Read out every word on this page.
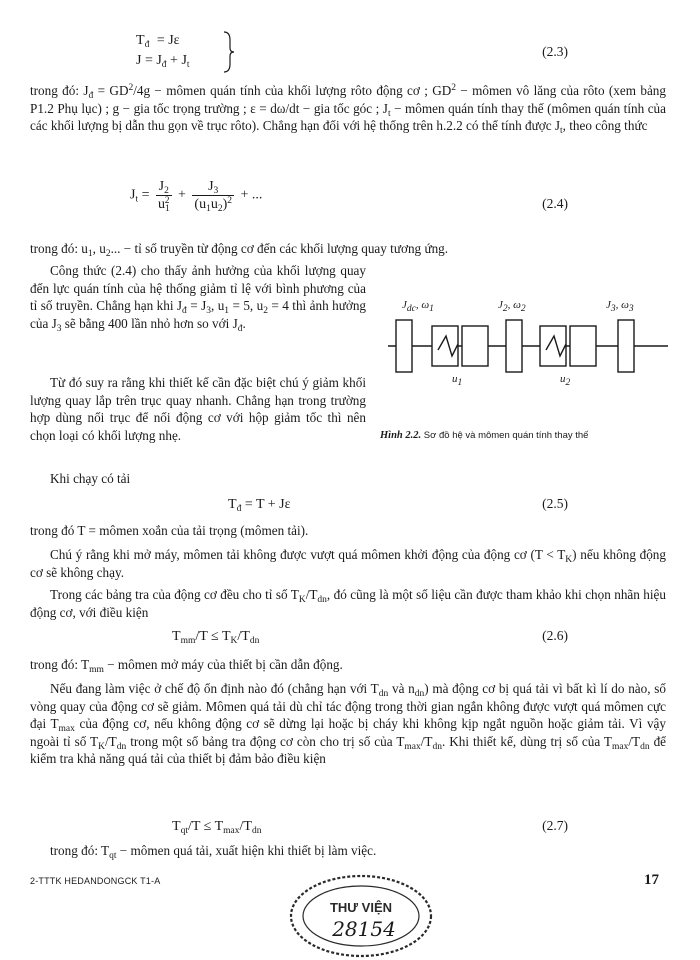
$T_đ = J\varepsilon$
$J = J_đ + J_t$
(2.3)

trong đó: $J_đ = GD^2/4g$ − mômen quán tính của khối lượng rôto động cơ ; $GD^2$ − mômen vô lăng của rôto (xem bảng P1.2 Phụ lục) ; g − gia tốc trọng trường ; ε = dω/dt − gia tốc góc ; $J_t$ − mômen quán tính thay thế (mômen quán tính của các khối lượng bị dẫn thu gọn về trục rôto). Chẳng hạn đối với hệ thống trên h.2.2 có thể tính được $J_t$, theo công thức

$J_t = \frac{J_2}{u_1^2} + \frac{J_3}{(u_1u_2)^2}$ + ...
(2.4)

trong đó: $u_1$, $u_2$... − tỉ số truyền từ động cơ đến các khối lượng quay tương ứng.

Công thức (2.4) cho thấy ảnh hưởng của khối lượng quay đến lực quán tính của hệ thống giảm tỉ lệ với bình phương của tỉ số truyền. Chẳng hạn khi $J_đ = J_3$, $u_1 = 5$, $u_2 = 4$ thì ảnh hưởng của $J_3$ sẽ bằng 400 lần nhỏ hơn so với $J_đ$.

Từ đó suy ra rằng khi thiết kế cần đặc biệt chú ý giảm khối lượng quay lắp trên trục quay nhanh. Chẳng hạn trong trường hợp dùng nối trục để nối động cơ với hộp giảm tốc thì nên chọn loại có khối lượng nhẹ.

$J_{dc}$, $\omega_1$	$J_2$, $\omega_2$	$J_3$, $\omega_3$
$u_1$	$u_2$
Hình 2.2. Sơ đồ hệ và mômen quán tính thay thế

Khi chạy có tải

$T_đ = T + J\varepsilon$	(2.5)

trong đó T = mômen xoắn của tải trọng (mômen tải).

Chú ý rằng khi mở máy, mômen tải không được vượt quá mômen khởi động của động cơ $(T < T_K)$ nếu không động cơ sẽ không chạy.

Trong các bảng tra của động cơ đều cho tỉ số $T_K/T_{dn}$, đó cũng là một số liệu cần được tham khảo khi chọn nhãn hiệu động cơ, với điều kiện

$T_{mm}/T \le T_K/T_{dn}$	(2.6)

trong đó: $T_{mm}$ − mômen mở máy của thiết bị cần dẫn động.

Nếu đang làm việc ở chế độ ổn định nào đó (chẳng hạn với $T_{dn}$ và $n_{dn}$) mà động cơ bị quá tải vì bất kì lí do nào, số vòng quay của động cơ sẽ giảm. Mômen quá tải dù chỉ tác động trong thời gian ngắn không được vượt quá mômen cực đại $T_{max}$ của động cơ, nếu không động cơ sẽ dừng lại hoặc bị cháy khi không kịp ngắt nguồn hoặc giảm tải. Vì vậy ngoài tỉ số $T_K/T_{dn}$ trong một số bảng tra động cơ còn cho trị số của $T_{max}/T_{dn}$. Khi thiết kế, dùng trị số của $T_{max}/T_{dn}$ để kiểm tra khả năng quá tải của thiết bị đảm bảo điều kiện

$T_{qt}/T \le T_{max}/T_{dn}$	(2.7)

trong đó: $T_{qt}$ − mômen quá tải, xuất hiện khi thiết bị làm việc.

2-TTTK HEDANDONGCK T1-A	17
THƯ VIỆN
28154
